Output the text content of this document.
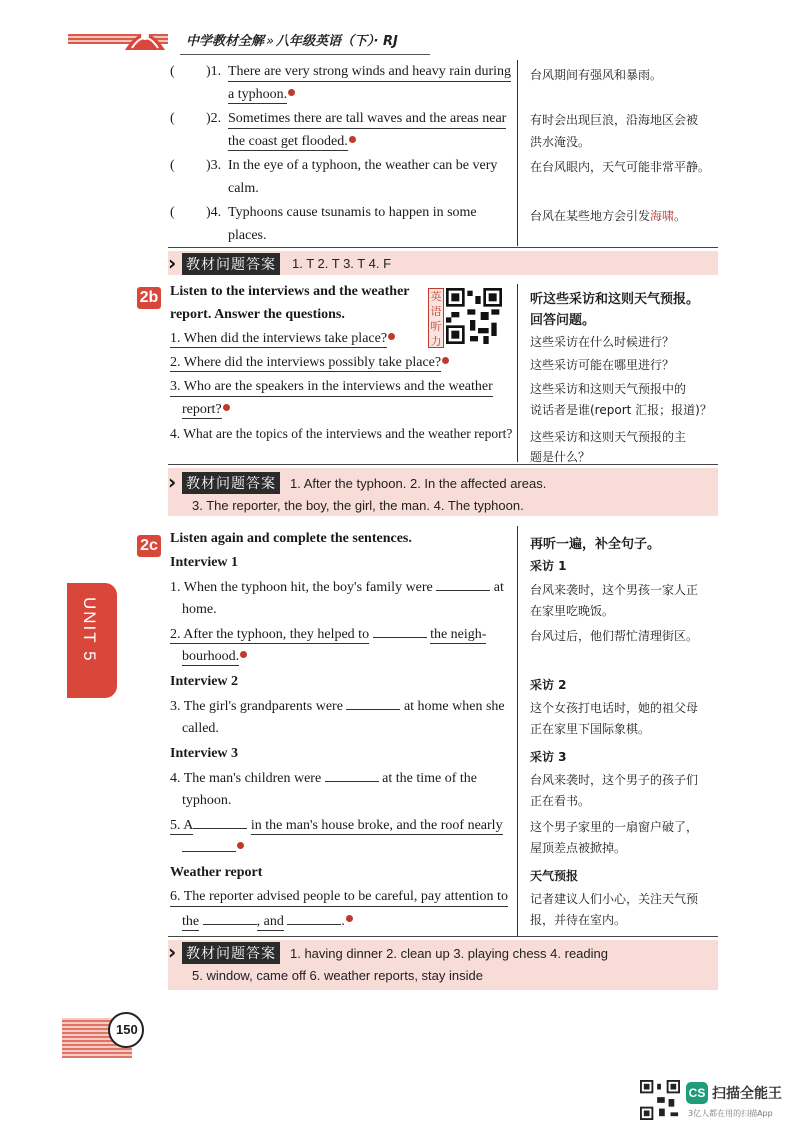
中学教材全解 » 八年级英语（下）· RJ
( )1. There are very strong winds and heavy rain during
a typhoon.
台风期间有强风和暴雨。
( )2. Sometimes there are tall waves and the areas near
the coast get flooded.
有时会出现巨浪，沿海地区会被
洪水淹没。
( )3. In the eye of a typhoon, the weather can be very
calm.
在台风眼内，天气可能非常平静。
( )4. Typhoons cause tsunamis to happen in some
places.
台风在某些地方会引发海啸。
› 教材问题答案	1. T 2. T 3. T 4. F
2b Listen to the interviews and the weather
report. Answer the questions.
英语听力
听这些采访和这则天气预报。
回答问题。
1. When did the interviews take place?	这些采访在什么时候进行？
2. Where did the interviews possibly take place?	这些采访可能在哪里进行？
3. Who are the speakers in the interviews and the weather
report?
这些采访和这则天气预报中的
说话者是谁(report 汇报；报道)？
4. What are the topics of the interviews and the weather report? 这些采访和这则天气预报的主
题是什么？
› 教材问题答案	1. After the typhoon. 2. In the affected areas.
3. The reporter, the boy, the girl, the man. 4. The typhoon.
2c Listen again and complete the sentences.	再听一遍，补全句子。
Interview 1	采访 1
1. When the typhoon hit, the boy's family were	at
home.
台风来袭时，这个男孩一家人正
在家里吃晚饭。
2. After the typhoon, they helped to	the neigh-
bourhood.
台风过后，他们帮忙清理街区。
Interview 2	采访 2
3. The girl's grandparents were	at home when she
called.
这个女孩打电话时，她的祖父母
正在家里下国际象棋。
Interview 3	采访 3
4. The man's children were	at the time of the
typhoon.
台风来袭时，这个男子的孩子们
正在看书。
5. A	in the man's house broke, and the roof nearly 这个男子家里的一扇窗户破了，
屋顶差点被掀掉。
Weather report	天气预报
6. The reporter advised people to be careful, pay attention to
the	, and	.
记者建议人们小心，关注天气预
报，并待在室内。
› 教材问题答案	1. having dinner 2. clean up 3. playing chess 4. reading
5. window, came off 6. weather reports, stay inside
UNIT 5
150
CS 扫描全能王
3亿人都在用的扫描App
